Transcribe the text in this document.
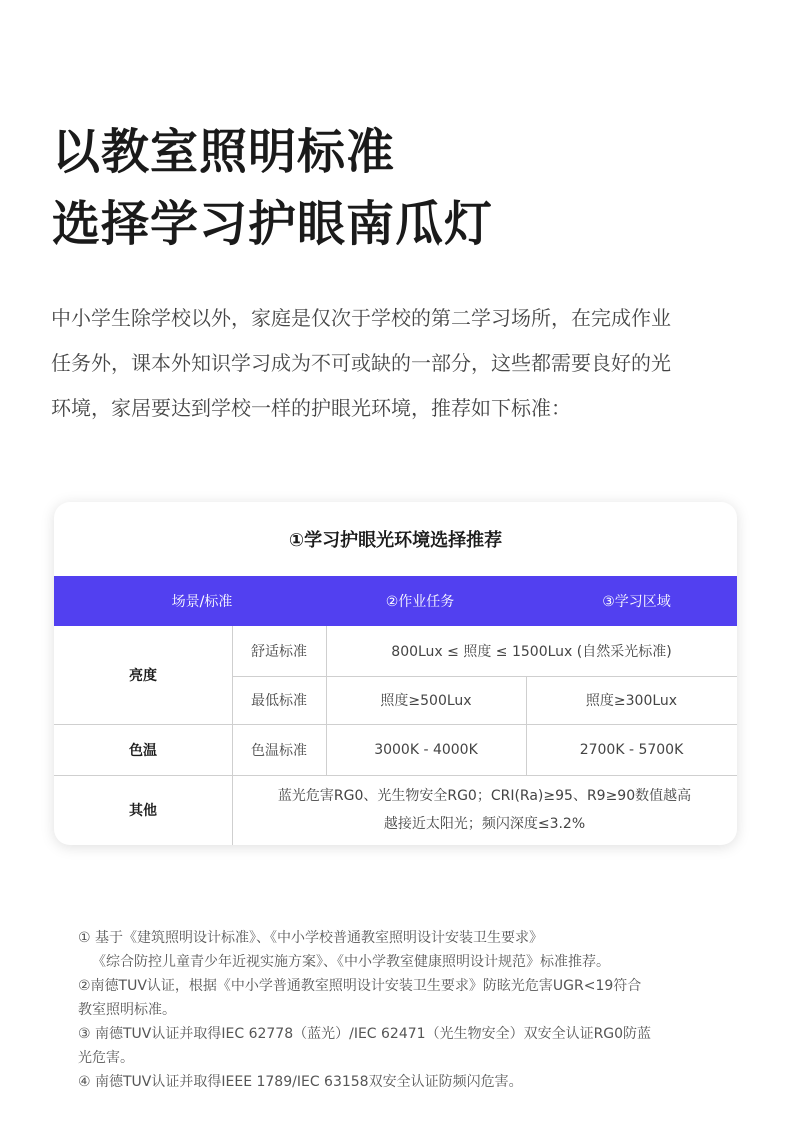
以教室照明标准
选择学习护眼南瓜灯

中小学生除学校以外，家庭是仅次于学校的第二学习场所，在完成作业
任务外，课本外知识学习成为不可或缺的一部分，这些都需要良好的光
环境，家居要达到学校一样的护眼光环境，推荐如下标准：

①学习护眼光环境选择推荐
场景/标准	②作业任务	③学习区域
亮度
舒适标准	800Lux ≤ 照度 ≤ 1500Lux (自然采光标准)
最低标准	照度≥500Lux	照度≥300Lux
色温	色温标准	3000K - 4000K	2700K - 5700K
其他
蓝光危害RG0、光生物安全RG0；CRI(Ra)≥95、R9≥90数值越高
越接近太阳光；频闪深度≤3.2%
① 基于《建筑照明设计标准》、《中小学校普通教室照明设计安装卫生要求》
《综合防控儿童青少年近视实施方案》、《中小学教室健康照明设计规范》标准推荐。
②南德TUV认证，根据《中小学普通教室照明设计安装卫生要求》防眩光危害UGR<19符合
教室照明标准。
③ 南德TUV认证并取得IEC 62778（蓝光）/IEC 62471（光生物安全）双安全认证RG0防蓝
光危害。
④ 南德TUV认证并取得IEEE 1789/IEC 63158双安全认证防频闪危害。
